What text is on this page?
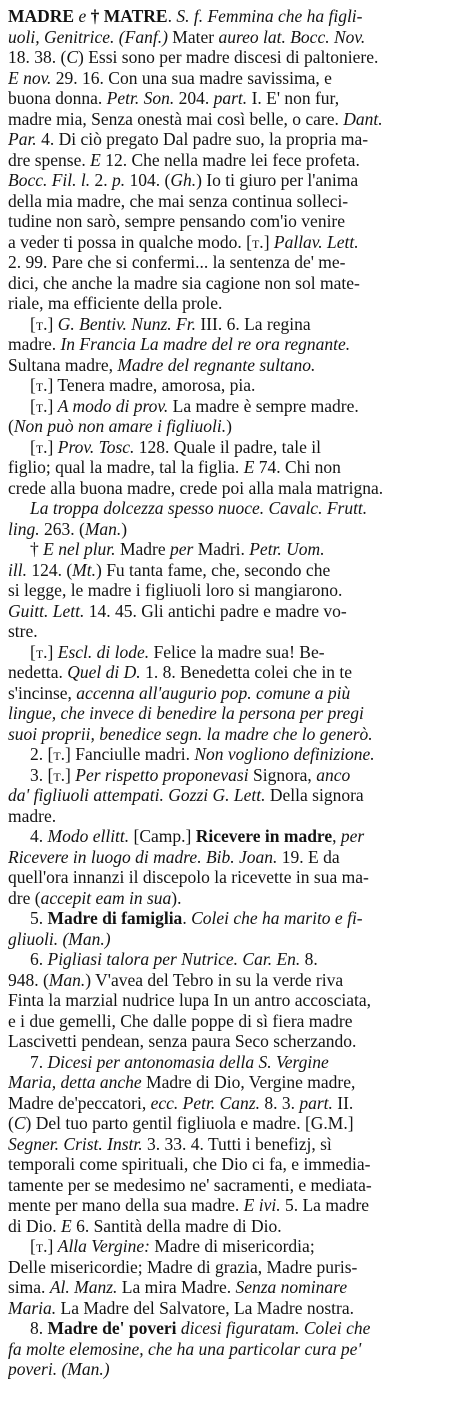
MADRE e † MATRE. S. f. Femmina che ha figli-
uoli, Genitrice. (Fanf.) Mater aureo lat. Bocc. Nov.
18. 38. (C) Essi sono per madre discesi di paltoniere.
E nov. 29. 16. Con una sua madre savissima, e
buona donna. Petr. Son. 204. part. I. E' non fur,
madre mia, Senza onestà mai così belle, o care. Dant.
Par. 4. Di ciò pregato Dal padre suo, la propria ma-
dre spense. E 12. Che nella madre lei fece profeta.
Bocc. Fil. l. 2. p. 104. (Gh.) Io ti giuro per l'anima
della mia madre, che mai senza continua solleci-
tudine non sarò, sempre pensando com'io venire
a veder ti possa in qualche modo. [t.] Pallav. Lett.
2. 99. Pare che si confermi... la sentenza de' me-
dici, che anche la madre sia cagione non sol mate-
riale, ma efficiente della prole.
[t.] G. Bentiv. Nunz. Fr. III. 6. La regina
madre. In Francia La madre del re ora regnante.
Sultana madre, Madre del regnante sultano.
[t.] Tenera madre, amorosa, pia.
[t.] A modo di prov. La madre è sempre madre.
(Non può non amare i figliuoli.)
[t.] Prov. Tosc. 128. Quale il padre, tale il
figlio; qual la madre, tal la figlia. E 74. Chi non
crede alla buona madre, crede poi alla mala matrigna.
La troppa dolcezza spesso nuoce. Cavalc. Frutt.
ling. 263. (Man.)
† E nel plur. Madre per Madri. Petr. Uom.
ill. 124. (Mt.) Fu tanta fame, che, secondo che
si legge, le madre i figliuoli loro si mangiarono.
Guitt. Lett. 14. 45. Gli antichi padre e madre vo-
stre.
[t.] Escl. di lode. Felice la madre sua! Be-
nedetta. Quel di D. 1. 8. Benedetta colei che in te
s'incinse, accenna all'augurio pop. comune a più
lingue, che invece di benedire la persona per pregi
suoi proprii, benedice segn. la madre che lo generò.
2. [t.] Fanciulle madri. Non vogliono definizione.
3. [t.] Per rispetto proponevasi Signora, anco
da' figliuoli attempati. Gozzi G. Lett. Della signora
madre.
4. Modo ellitt. [Camp.] Ricevere in madre, per
Ricevere in luogo di madre. Bib. Joan. 19. E da
quell'ora innanzi il discepolo la ricevette in sua ma-
dre (accepit eam in sua).
5. Madre di famiglia. Colei che ha marito e fi-
gliuoli. (Man.)
6. Pigliasi talora per Nutrice. Car. En. 8.
948. (Man.) V'avea del Tebro in su la verde riva
Finta la marzial nudrice lupa In un antro accosciata,
e i due gemelli, Che dalle poppe di sì fiera madre
Lascivetti pendean, senza paura Seco scherzando.
7. Dicesi per antonomasia della S. Vergine
Maria, detta anche Madre di Dio, Vergine madre,
Madre de'peccatori, ecc. Petr. Canz. 8. 3. part. II.
(C) Del tuo parto gentil figliuola e madre. [G.M.]
Segner. Crist. Instr. 3. 33. 4. Tutti i benefizj, sì
temporali come spirituali, che Dio ci fa, e immedia-
tamente per se medesimo ne' sacramenti, e mediata-
mente per mano della sua madre. E ivi. 5. La madre
di Dio. E 6. Santità della madre di Dio.
[t.] Alla Vergine: Madre di misericordia;
Delle misericordie; Madre di grazia, Madre puris-
sima. Al. Manz. La mira Madre. Senza nominare
Maria. La Madre del Salvatore, La Madre nostra.
8. Madre de' poveri dicesi figuratam. Colei che
fa molte elemosine, che ha una particolar cura pe'
poveri. (Man.)
